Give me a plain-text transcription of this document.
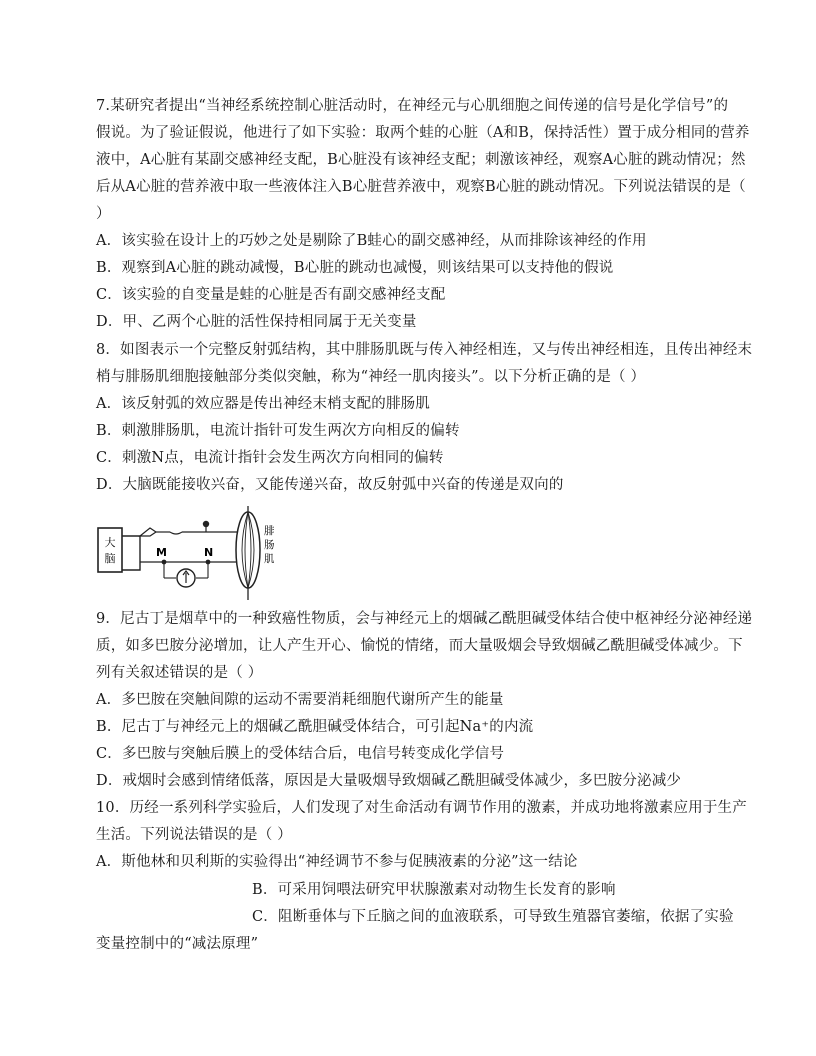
7.某研究者提出“当神经系统控制心脏活动时，在神经元与心肌细胞之间传递的信号是化学信号”的
假说。为了验证假说，他进行了如下实验：取两个蛙的心脏（A和B，保持活性）置于成分相同的营养
液中，A心脏有某副交感神经支配，B心脏没有该神经支配；刺激该神经，观察A心脏的跳动情况；然
后从A心脏的营养液中取一些液体注入B心脏营养液中，观察B心脏的跳动情况。下列说法错误的是（
）
A．该实验在设计上的巧妙之处是剔除了B蛙心的副交感神经，从而排除该神经的作用
B．观察到A心脏的跳动减慢，B心脏的跳动也减慢，则该结果可以支持他的假说
C．该实验的自变量是蛙的心脏是否有副交感神经支配
D．甲、乙两个心脏的活性保持相同属于无关变量
8．如图表示一个完整反射弧结构，其中腓肠肌既与传入神经相连，又与传出神经相连，且传出神经末
梢与腓肠肌细胞接触部分类似突触，称为“神经一肌肉接头”。以下分析正确的是（ ）
A．该反射弧的效应器是传出神经末梢支配的腓肠肌
B．刺激腓肠肌，电流计指针可发生两次方向相反的偏转
C．刺激N点，电流计指针会发生两次方向相同的偏转
D．大脑既能接收兴奋，又能传递兴奋，故反射弧中兴奋的传递是双向的
大
脑	M	N
腓
肠
肌
9．尼古丁是烟草中的一种致癌性物质，会与神经元上的烟碱乙酰胆碱受体结合使中枢神经分泌神经递
质，如多巴胺分泌增加，让人产生开心、愉悦的情绪，而大量吸烟会导致烟碱乙酰胆碱受体减少。下
列有关叙述错误的是（ ）
A．多巴胺在突触间隙的运动不需要消耗细胞代谢所产生的能量
B．尼古丁与神经元上的烟碱乙酰胆碱受体结合，可引起Na⁺的内流
C．多巴胺与突触后膜上的受体结合后，电信号转变成化学信号
D．戒烟时会感到情绪低落，原因是大量吸烟导致烟碱乙酰胆碱受体减少，多巴胺分泌减少
10．历经一系列科学实验后，人们发现了对生命活动有调节作用的激素，并成功地将激素应用于生产
生活。下列说法错误的是（ ）
A．斯他林和贝利斯的实验得出“神经调节不参与促胰液素的分泌”这一结论
B．可采用饲喂法研究甲状腺激素对动物生长发育的影响
C．阻断垂体与下丘脑之间的血液联系，可导致生殖器官萎缩，依据了实验
变量控制中的“减法原理”
